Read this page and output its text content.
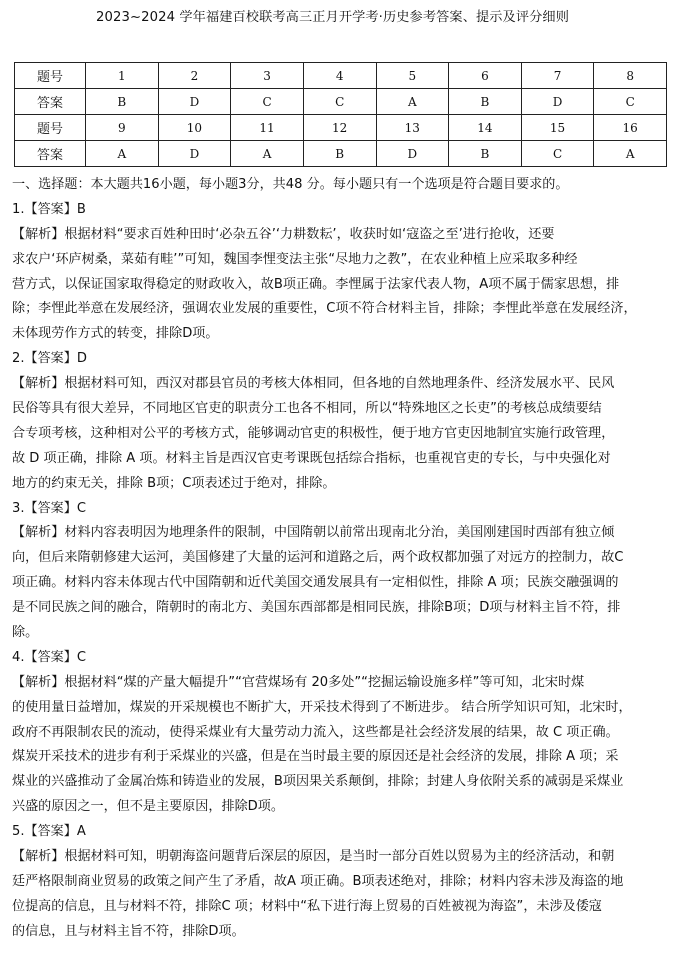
2023~2024 学年福建百校联考高三正月开学考·历史参考答案、提示及评分细则
题号	1	2	3	4	5	6	7	8
答案	B	D	C	C	A	B	D	C
题号	9	10	11	12	13	14	15	16
答案	A	D	A	B	D	B	C	A
一、选择题：本大题共16小题，每小题3分，共48 分。每小题只有一个选项是符合题目要求的。
1.【答案】B
【解析】根据材料“要求百姓种田时‘必杂五谷’‘力耕数耘’，收获时如‘寇盗之至’进行抢收，还要
求农户‘环庐树桑，菜茹有畦’”可知，魏国李悝变法主张“尽地力之教”，在农业种植上应采取多种经
营方式，以保证国家取得稳定的财政收入，故B项正确。李悝属于法家代表人物，A项不属于儒家思想，排
除；李悝此举意在发展经济，强调农业发展的重要性，C项不符合材料主旨，排除；李悝此举意在发展经济，
未体现劳作方式的转变，排除D项。
2.【答案】D
【解析】根据材料可知，西汉对郡县官员的考核大体相同，但各地的自然地理条件、经济发展水平、民风
民俗等具有很大差异，不同地区官吏的职责分工也各不相同，所以“特殊地区之长吏”的考核总成绩要结
合专项考核，这种相对公平的考核方式，能够调动官吏的积极性，便于地方官吏因地制宜实施行政管理，
故 D 项正确，排除 A 项。材料主旨是西汉官吏考课既包括综合指标，也重视官吏的专长，与中央强化对
地方的约束无关，排除 B项；C项表述过于绝对，排除。
3.【答案】C
【解析】材料内容表明因为地理条件的限制，中国隋朝以前常出现南北分治，美国刚建国时西部有独立倾
向，但后来隋朝修建大运河，美国修建了大量的运河和道路之后，两个政权都加强了对远方的控制力，故C
项正确。材料内容未体现古代中国隋朝和近代美国交通发展具有一定相似性，排除 A 项；民族交融强调的
是不同民族之间的融合，隋朝时的南北方、美国东西部都是相同民族，排除B项；D项与材料主旨不符，排
除。
4.【答案】C
【解析】根据材料“煤的产量大幅提升”“官营煤场有 20多处”“挖掘运输设施多样”等可知，北宋时煤
的使用量日益增加，煤炭的开采规模也不断扩大，开采技术得到了不断进步。 结合所学知识可知，北宋时，
政府不再限制农民的流动，使得采煤业有大量劳动力流入，这些都是社会经济发展的结果，故 C 项正确。
煤炭开采技术的进步有利于采煤业的兴盛，但是在当时最主要的原因还是社会经济的发展，排除 A 项；采
煤业的兴盛推动了金属冶炼和铸造业的发展，B项因果关系颠倒，排除；封建人身依附关系的减弱是采煤业
兴盛的原因之一，但不是主要原因，排除D项。
5.【答案】A
【解析】根据材料可知，明朝海盗问题背后深层的原因，是当时一部分百姓以贸易为主的经济活动，和朝
廷严格限制商业贸易的政策之间产生了矛盾，故A 项正确。B项表述绝对，排除；材料内容未涉及海盗的地
位提高的信息，且与材料不符，排除C 项；材料中“私下进行海上贸易的百姓被视为海盗”，未涉及倭寇
的信息，且与材料主旨不符，排除D项。
